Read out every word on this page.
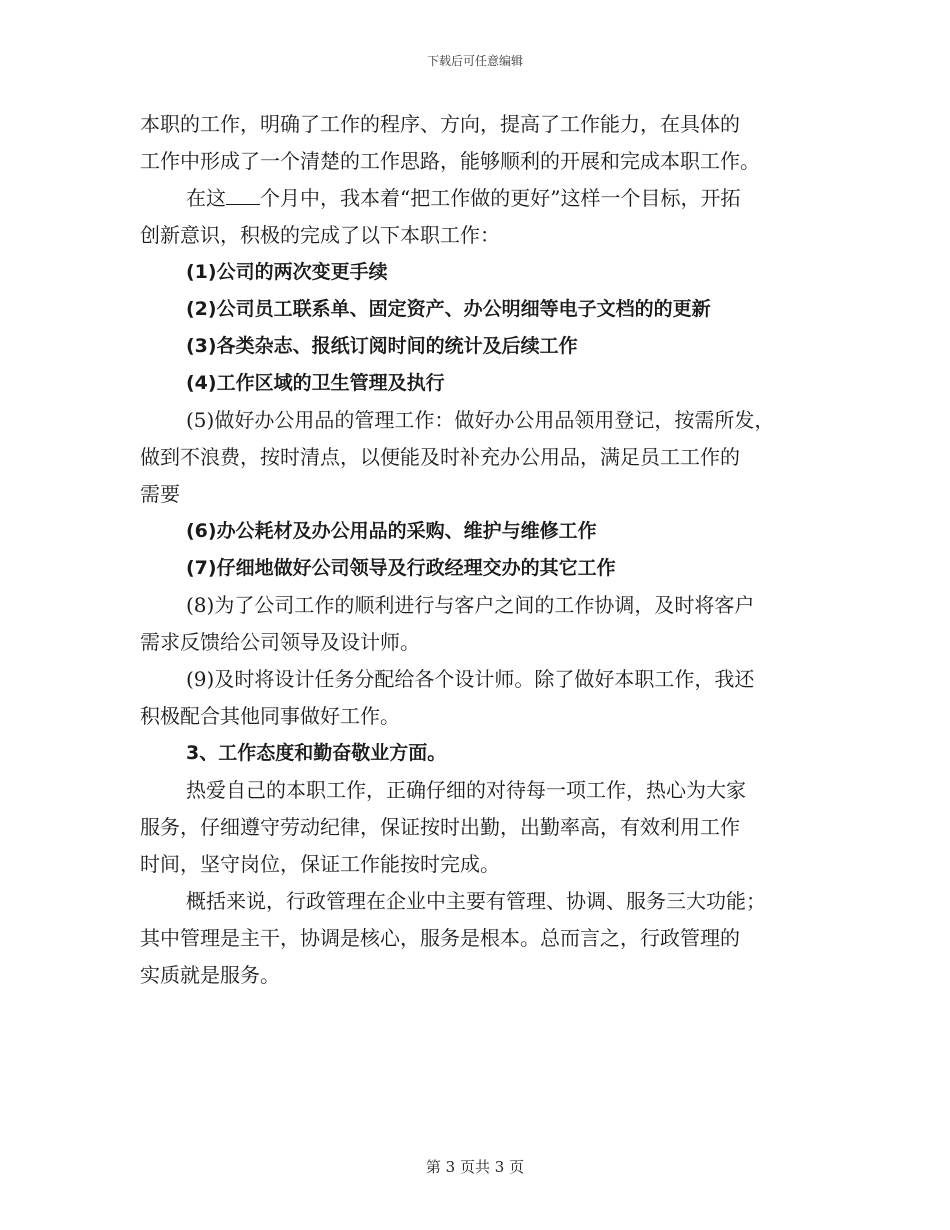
下载后可任意编辑

本职的工作，明确了工作的程序、方向，提高了工作能力，在具体的

工作中形成了一个清楚的工作思路，能够顺利的开展和完成本职工作。

在这 个月中，我本着“把工作做的更好”这样一个目标，开拓

创新意识，积极的完成了以下本职工作：

(1)公司的两次变更手续

(2)公司员工联系单、固定资产、办公明细等电子文档的的更新

(3)各类杂志、报纸订阅时间的统计及后续工作

(4)工作区域的卫生管理及执行

(5)做好办公用品的管理工作：做好办公用品领用登记，按需所发，

做到不浪费，按时清点，以便能及时补充办公用品，满足员工工作的

需要

(6)办公耗材及办公用品的采购、维护与维修工作

(7)仔细地做好公司领导及行政经理交办的其它工作

(8)为了公司工作的顺利进行与客户之间的工作协调，及时将客户

需求反馈给公司领导及设计师。

(9)及时将设计任务分配给各个设计师。除了做好本职工作，我还

积极配合其他同事做好工作。

3、工作态度和勤奋敬业方面。

热爱自己的本职工作，正确仔细的对待每一项工作，热心为大家

服务，仔细遵守劳动纪律，保证按时出勤，出勤率高，有效利用工作

时间，坚守岗位，保证工作能按时完成。

概括来说，行政管理在企业中主要有管理、协调、服务三大功能；

其中管理是主干，协调是核心，服务是根本。总而言之，行政管理的

实质就是服务。

第 3 页共 3 页
